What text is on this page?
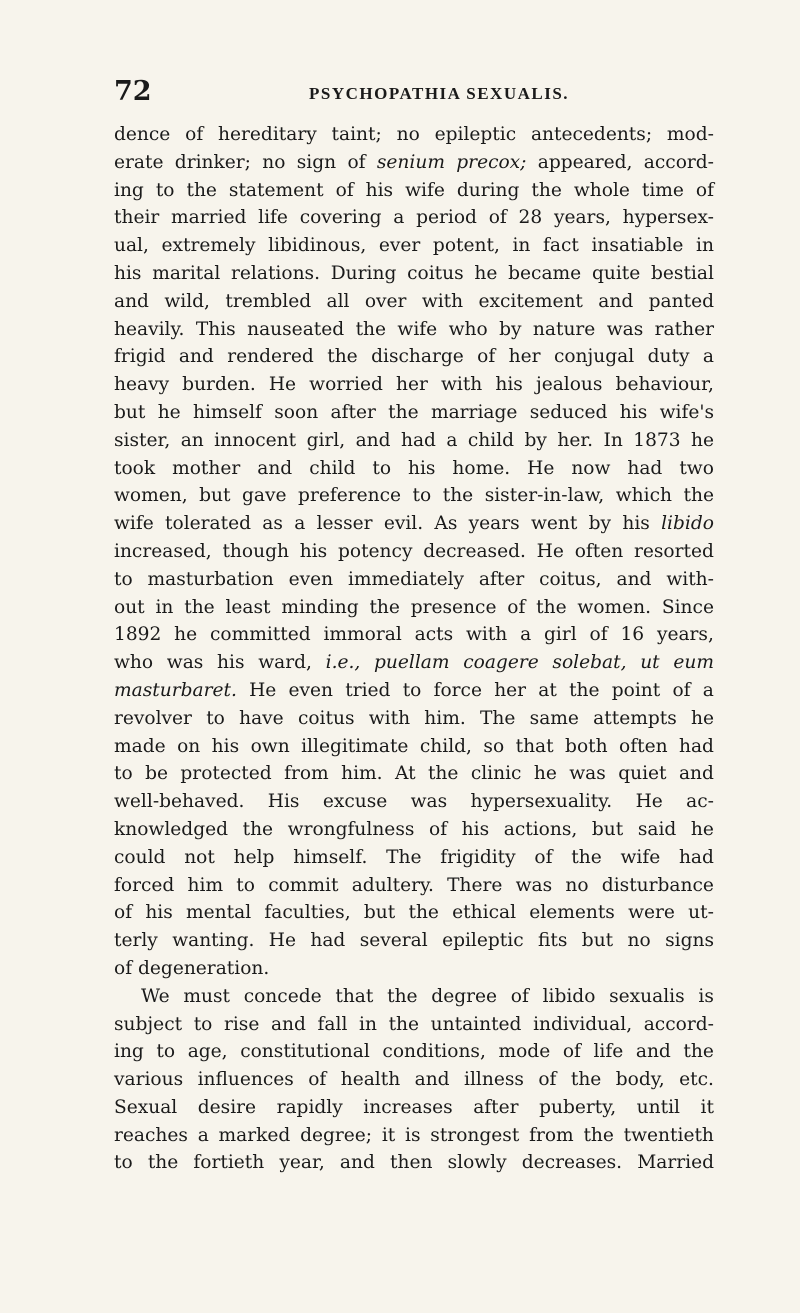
72	PSYCHOPATHIA SEXUALIS.
dence of hereditary taint; no epileptic antecedents; mod-
erate drinker; no sign of senium precox; appeared, accord-
ing to the statement of his wife during the whole time of
their married life covering a period of 28 years, hypersex-
ual, extremely libidinous, ever potent, in fact insatiable in
his marital relations. During coitus he became quite bestial
and wild, trembled all over with excitement and panted
heavily. This nauseated the wife who by nature was rather
frigid and rendered the discharge of her conjugal duty a
heavy burden. He worried her with his jealous behaviour,
but he himself soon after the marriage seduced his wife's
sister, an innocent girl, and had a child by her. In 1873 he
took mother and child to his home. He now had two
women, but gave preference to the sister-in-law, which the
wife tolerated as a lesser evil. As years went by his libido
increased, though his potency decreased. He often resorted
to masturbation even immediately after coitus, and with-
out in the least minding the presence of the women. Since
1892 he committed immoral acts with a girl of 16 years,
who was his ward, i.e., puellam coagere solebat, ut eum
masturbaret. He even tried to force her at the point of a
revolver to have coitus with him. The same attempts he
made on his own illegitimate child, so that both often had
to be protected from him. At the clinic he was quiet and
well-behaved. His excuse was hypersexuality. He ac-
knowledged the wrongfulness of his actions, but said he
could not help himself. The frigidity of the wife had
forced him to commit adultery. There was no disturbance
of his mental faculties, but the ethical elements were ut-
terly wanting. He had several epileptic fits but no signs
of degeneration.
We must concede that the degree of libido sexualis is
subject to rise and fall in the untainted individual, accord-
ing to age, constitutional conditions, mode of life and the
various influences of health and illness of the body, etc.
Sexual desire rapidly increases after puberty, until it
reaches a marked degree; it is strongest from the twentieth
to the fortieth year, and then slowly decreases. Married
